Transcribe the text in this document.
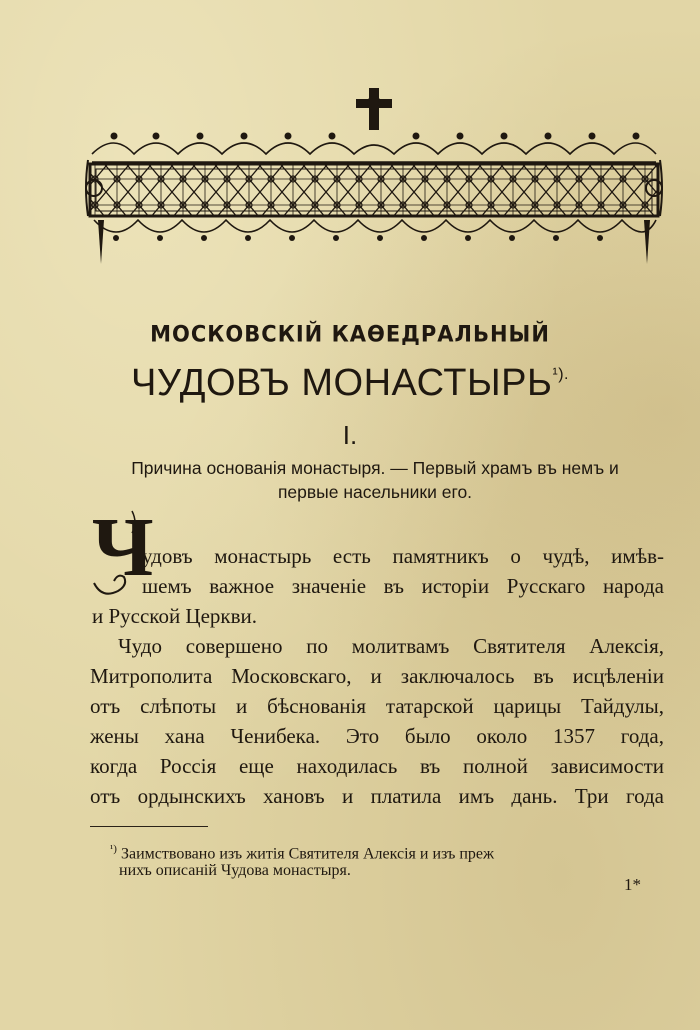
МОСКОВСКІЙ КАѲЕДРАЛЬНЫЙ
ЧУДОВЪ МОНАСТЫРЬ$^{^1).}$
I.
Причина основанія монастыря. — Первый храмъ въ немъ и
первые насельники его.
Ч
удовъ монастырь есть памятникъ о чудѣ, имѣв-
шемъ важное значеніе въ исторіи Русскаго народа
и Русской Церкви.
Чудо совершено по молитвамъ Святителя Алексія,
Митрополита Московскаго, и заключалось въ исцѣленіи
отъ слѣпоты и бѣснованія татарской царицы Тайдулы,
жены хана Ченибека. Это было около 1357 года,
когда Россія еще находилась въ полной зависимости
отъ ордынскихъ хановъ и платила имъ дань. Три года
$^{^1)}$ Заимствовано изъ житія Святителя Алексія и изъ преж
нихъ описаній Чудова монастыря.
1*
